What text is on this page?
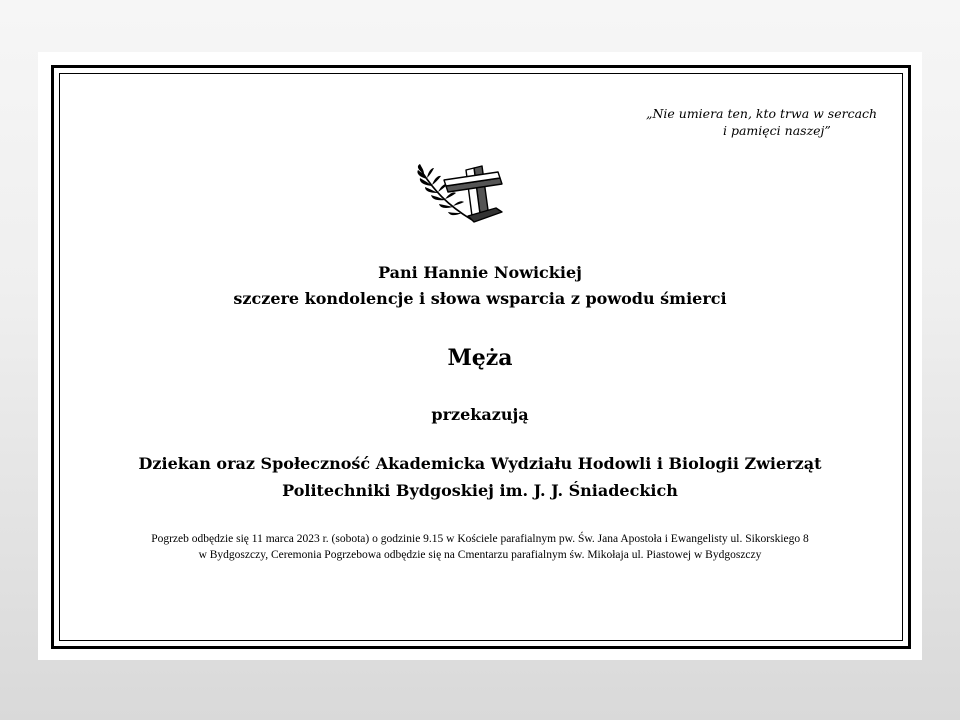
„Nie umiera ten, kto trwa w sercach
i pamięci naszej”
Pani Hannie Nowickiej
szczere kondolencje i słowa wsparcia z powodu śmierci
Męża
przekazują
Dziekan oraz Społeczność Akademicka Wydziału Hodowli i Biologii Zwierząt
Politechniki Bydgoskiej im. J. J. Śniadeckich
Pogrzeb odbędzie się 11 marca 2023 r. (sobota) o godzinie 9.15 w Kościele parafialnym pw. Św. Jana Apostoła i Ewangelisty ul. Sikorskiego 8
w Bydgoszczy, Ceremonia Pogrzebowa odbędzie się na Cmentarzu parafialnym św. Mikołaja ul. Piastowej w Bydgoszczy
